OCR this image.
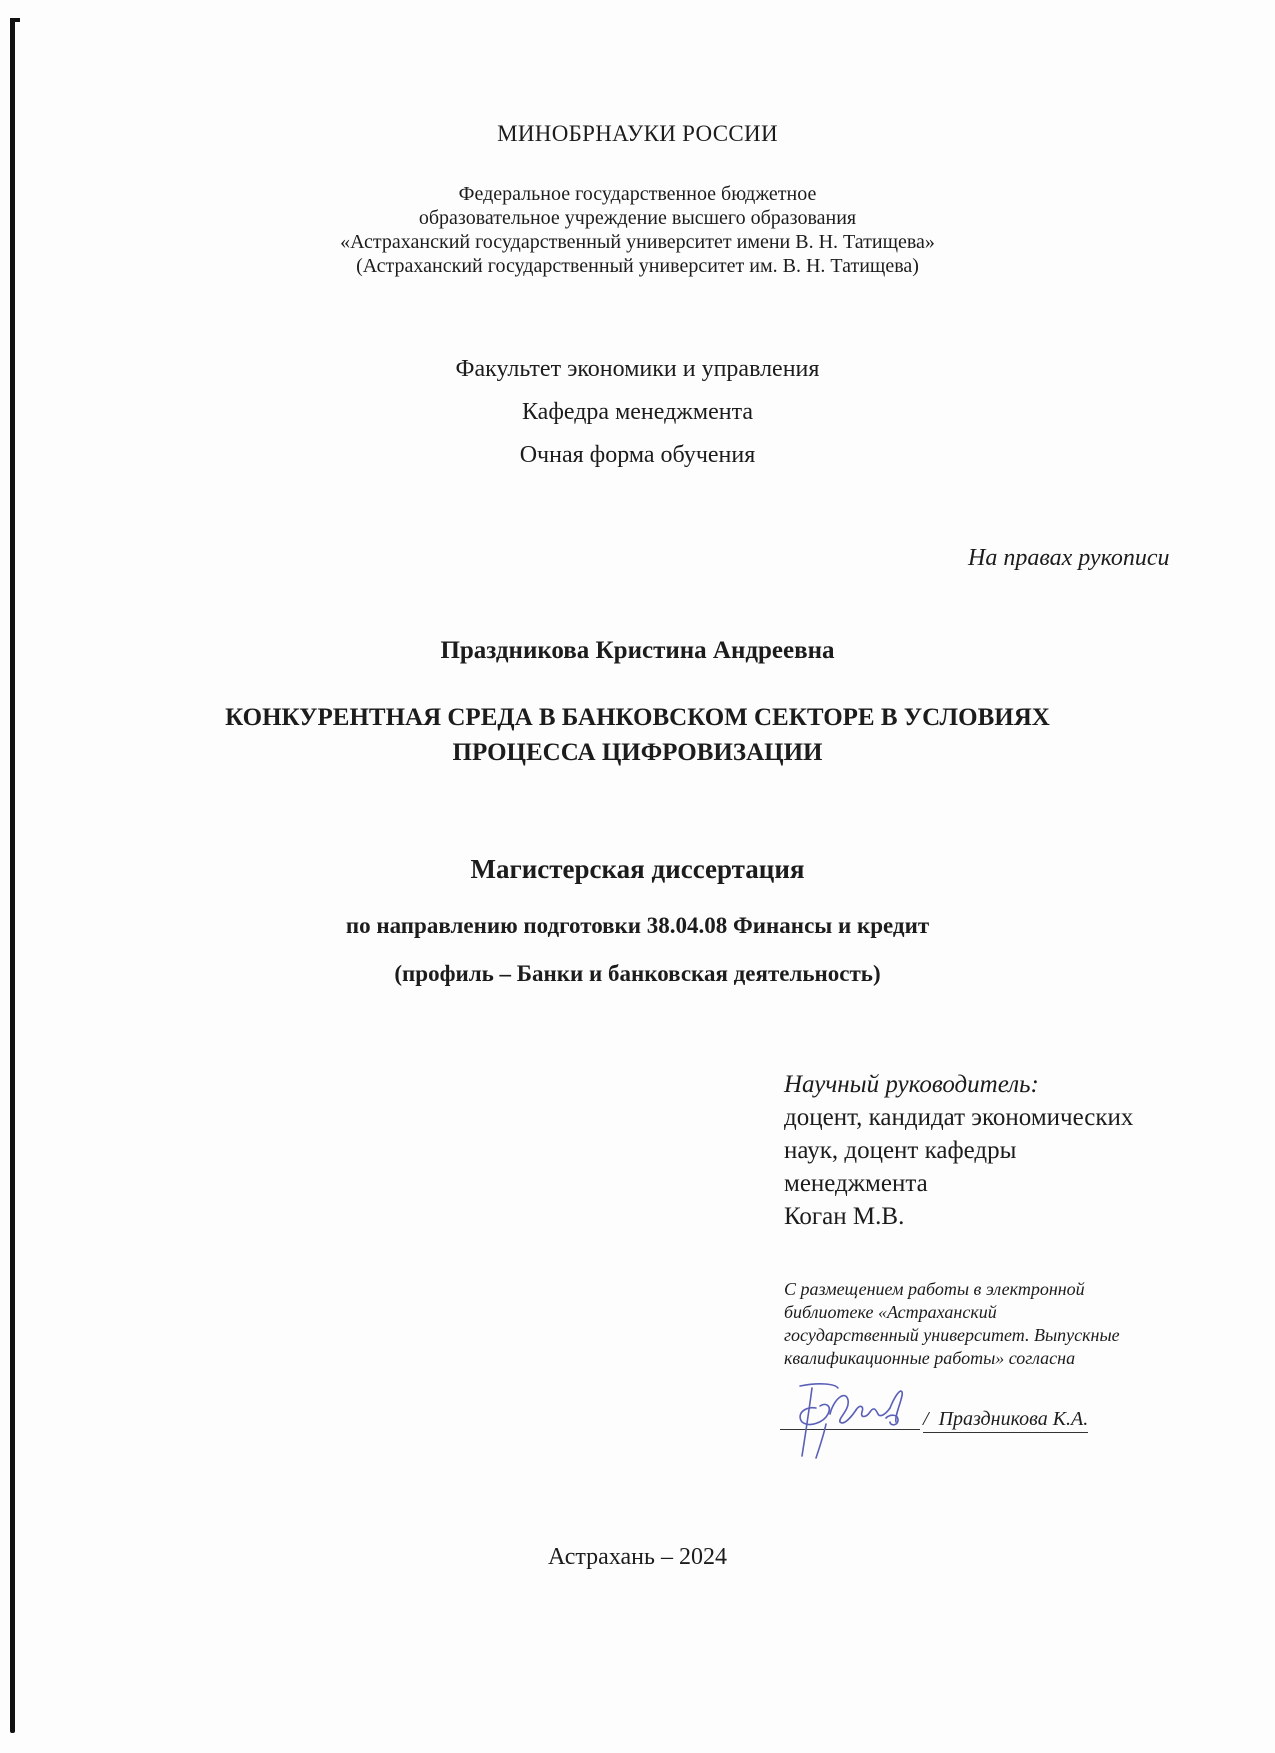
МИНОБРНАУКИ РОССИИ
Федеральное государственное бюджетное
образовательное учреждение высшего образования
«Астраханский государственный университет имени В. Н. Татищева»
(Астраханский государственный университет им. В. Н. Татищева)
Факультет экономики и управления
Кафедра менеджмента
Очная форма обучения
На правах рукописи
Праздникова Кристина Андреевна
КОНКУРЕНТНАЯ СРЕДА В БАНКОВСКОМ СЕКТОРЕ В УСЛОВИЯХ
ПРОЦЕССА ЦИФРОВИЗАЦИИ
Магистерская диссертация
по направлению подготовки 38.04.08 Финансы и кредит
(профиль – Банки и банковская деятельность)
Научный руководитель:
доцент, кандидат экономических
наук, доцент кафедры
менеджмента
Коган М.В.
С размещением работы в электронной
библиотеке «Астраханский
государственный университет. Выпускные
квалификационные работы» согласна
/ Праздникова К.А.
Астрахань – 2024
